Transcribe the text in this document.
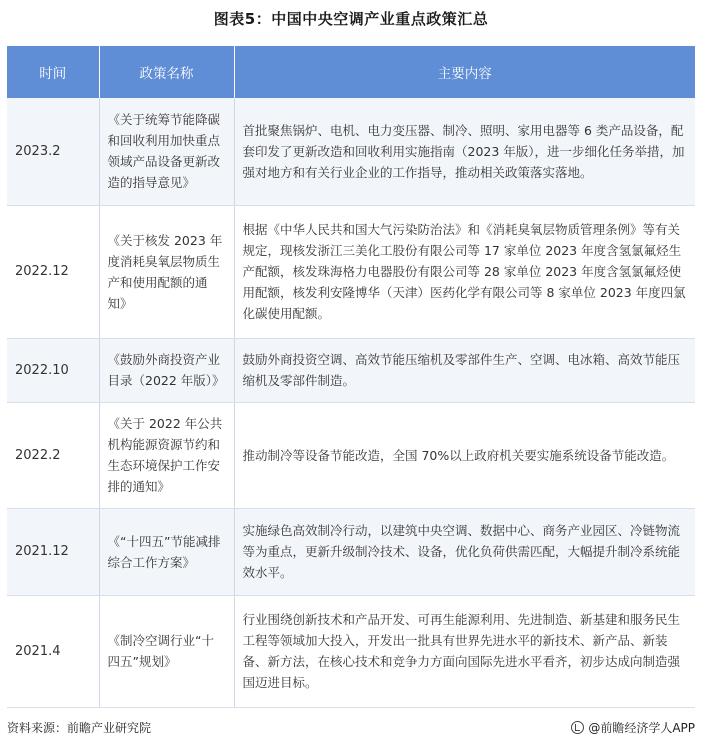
图表5：中国中央空调产业重点政策汇总
时间	政策名称	主要内容
2023.2	《关于统筹节能降碳和回收利用加快重点领域产品设备更新改造的指导意见》	首批聚焦锅炉、电机、电力变压器、制冷、照明、家用电器等 6 类产品设备，配套印发了更新改造和回收利用实施指南（2023 年版），进一步细化任务举措，加强对地方和有关行业企业的工作指导，推动相关政策落实落地。
2022.12	《关于核发 2023 年度消耗臭氧层物质生产和使用配额的通知》	根据《中华人民共和国大气污染防治法》和《消耗臭氧层物质管理条例》等有关规定，现核发浙江三美化工股份有限公司等 17 家单位 2023 年度含氢氯氟烃生产配额，核发珠海格力电器股份有限公司等 28 家单位 2023 年度含氢氯氟烃使用配额，核发利安隆博华（天津）医药化学有限公司等 8 家单位 2023 年度四氯化碳使用配额。
2022.10	《鼓励外商投资产业目录（2022 年版）》	鼓励外商投资空调、高效节能压缩机及零部件生产、空调、电冰箱、高效节能压缩机及零部件制造。
2022.2	《关于 2022 年公共机构能源资源节约和生态环境保护工作安排的通知》	推动制冷等设备节能改造，全国 70%以上政府机关要实施系统设备节能改造。
2021.12	《“十四五”节能减排综合工作方案》	实施绿色高效制冷行动，以建筑中央空调、数据中心、商务产业园区、冷链物流等为重点，更新升级制冷技术、设备，优化负荷供需匹配，大幅提升制冷系统能效水平。
2021.4	《制冷空调行业“十四五”规划》	行业围绕创新技术和产品开发、可再生能源利用、先进制造、新基建和服务民生工程等领域加大投入，开发出一批具有世界先进水平的新技术、新产品、新装备、新方法，在核心技术和竞争力方面向国际先进水平看齐，初步达成向制造强国迈进目标。
资料来源：前瞻产业研究院	@前瞻经济学人APP
